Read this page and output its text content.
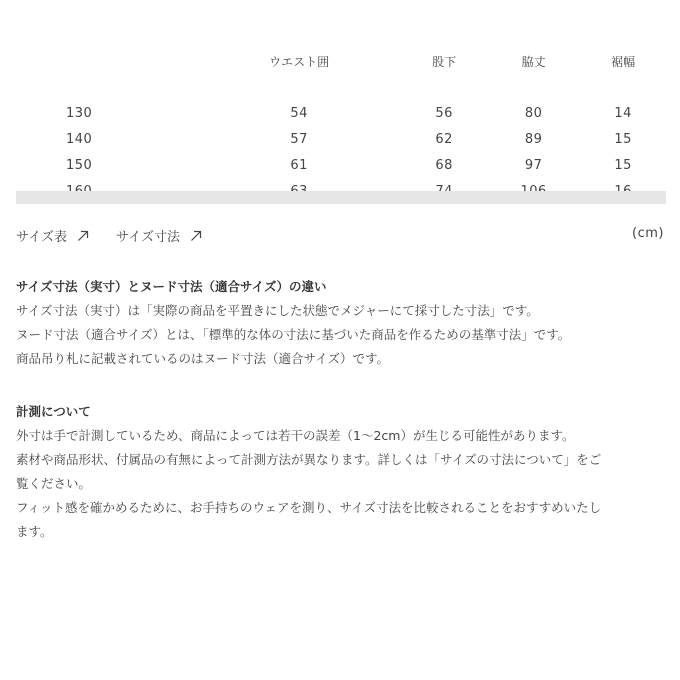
	ウエスト囲	股下	脇丈	裾幅

130	54	56	80	14
140	57	62	89	15
150	61	68	97	15

サイズ表	サイズ寸法	(cm)

サイズ寸法（実寸）とヌード寸法（適合サイズ）の違い

サイズ寸法（実寸）は「実際の商品を平置きにした状態でメジャーにて採寸した寸法」です。

ヌード寸法（適合サイズ）とは、「標準的な体の寸法に基づいた商品を作るための基準寸法」です。

商品吊り札に記載されているのはヌード寸法（適合サイズ）です。

計測について

外寸は手で計測しているため、商品によっては若干の誤差（1～2cm）が生じる可能性があります。

素材や商品形状、付属品の有無によって計測方法が異なります。詳しくは「サイズの寸法について」をご

覧ください。

フィット感を確かめるために、お手持ちのウェアを測り、サイズ寸法を比較されることをおすすめいたし

ます。
